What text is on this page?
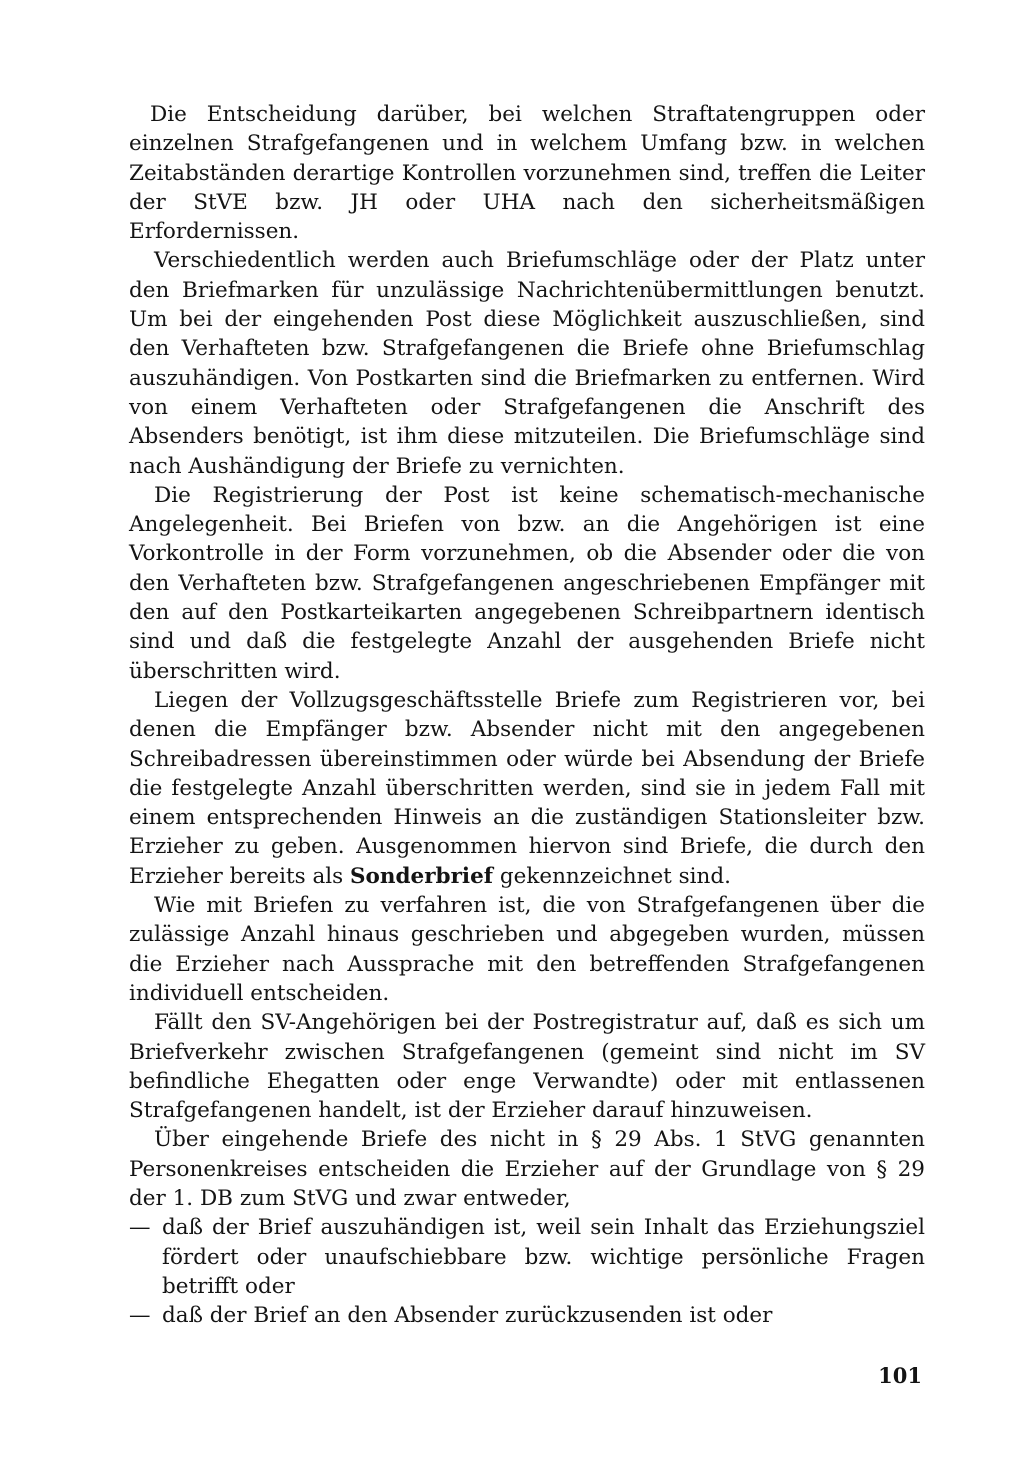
Die Entscheidung darüber, bei welchen Straftatengruppen oder einzelnen Strafgefangenen und in welchem Umfang bzw. in welchen Zeitabständen derartige Kontrollen vorzunehmen sind, treffen die Leiter der StVE bzw. JH oder UHA nach den sicherheitsmäßigen Erfordernissen.

Verschiedentlich werden auch Briefumschläge oder der Platz unter den Briefmarken für unzulässige Nachrichtenübermittlungen benutzt. Um bei der eingehenden Post diese Möglichkeit auszuschließen, sind den Verhafteten bzw. Strafgefangenen die Briefe ohne Briefumschlag auszuhändigen. Von Postkarten sind die Briefmarken zu entfernen. Wird von einem Verhafteten oder Strafgefangenen die Anschrift des Absenders benötigt, ist ihm diese mitzuteilen. Die Briefumschläge sind nach Aushändigung der Briefe zu vernichten.

Die Registrierung der Post ist keine schematisch-mechanische Angelegenheit. Bei Briefen von bzw. an die Angehörigen ist eine Vorkontrolle in der Form vorzunehmen, ob die Absender oder die von den Verhafteten bzw. Strafgefangenen angeschriebenen Empfänger mit den auf den Postkarteikarten angegebenen Schreibpartnern identisch sind und daß die festgelegte Anzahl der ausgehenden Briefe nicht überschritten wird.

Liegen der Vollzugsgeschäftsstelle Briefe zum Registrieren vor, bei denen die Empfänger bzw. Absender nicht mit den angegebenen Schreibadressen übereinstimmen oder würde bei Absendung der Briefe die festgelegte Anzahl überschritten werden, sind sie in jedem Fall mit einem entsprechenden Hinweis an die zuständigen Stationsleiter bzw. Erzieher zu geben. Ausgenommen hiervon sind Briefe, die durch den Erzieher bereits als Sonderbrief gekennzeichnet sind.

Wie mit Briefen zu verfahren ist, die von Strafgefangenen über die zulässige Anzahl hinaus geschrieben und abgegeben wurden, müssen die Erzieher nach Aussprache mit den betreffenden Strafgefangenen individuell entscheiden.

Fällt den SV-Angehörigen bei der Postregistratur auf, daß es sich um Briefverkehr zwischen Strafgefangenen (gemeint sind nicht im SV befindliche Ehegatten oder enge Verwandte) oder mit entlassenen Strafgefangenen handelt, ist der Erzieher darauf hinzuweisen.

Über eingehende Briefe des nicht in § 29 Abs. 1 StVG genannten Personenkreises entscheiden die Erzieher auf der Grundlage von § 29 der 1. DB zum StVG und zwar entweder,

— daß der Brief auszuhändigen ist, weil sein Inhalt das Erziehungsziel fördert oder unaufschiebbare bzw. wichtige persönliche Fragen betrifft oder
— daß der Brief an den Absender zurückzusenden ist oder
101
